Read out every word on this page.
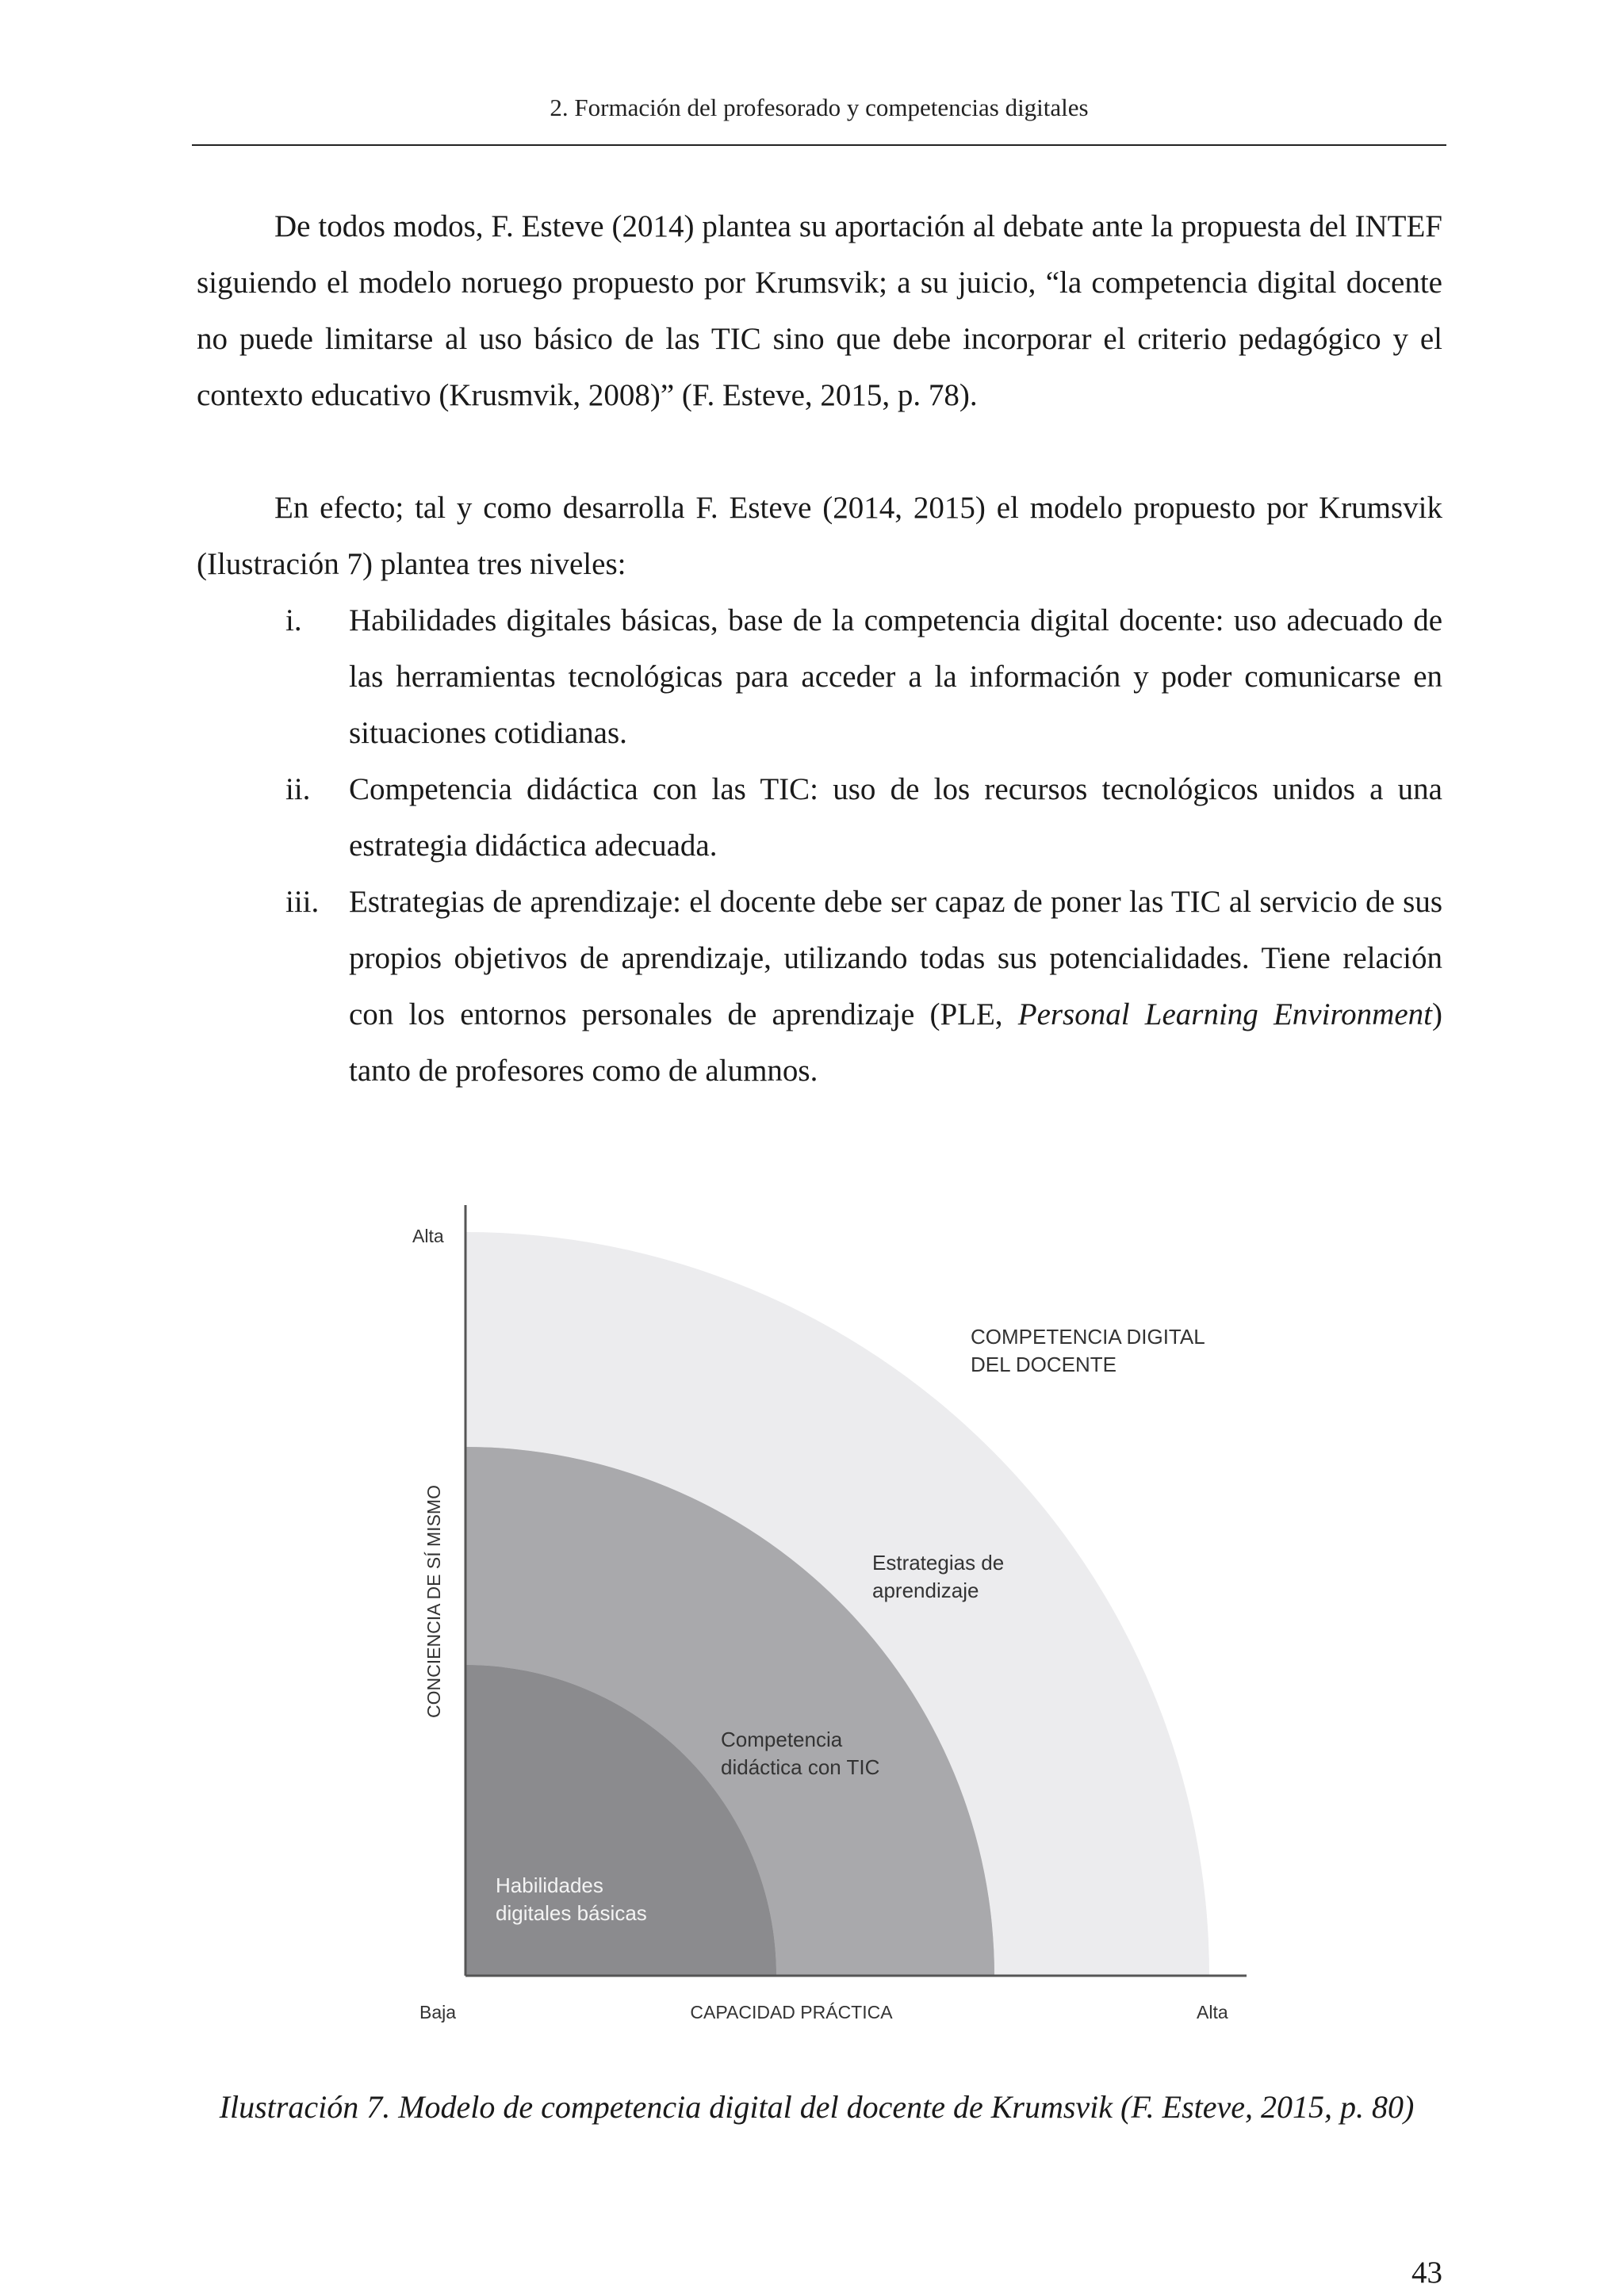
2. Formación del profesorado y competencias digitales

De todos modos, F. Esteve (2014) plantea su aportación al debate ante la propuesta del INTEF siguiendo el modelo noruego propuesto por Krumsvik; a su juicio, “la competencia digital docente no puede limitarse al uso básico de las TIC sino que debe incorporar el criterio pedagógico y el contexto educativo (Krusmvik, 2008)” (F. Esteve, 2015, p. 78).

En efecto; tal y como desarrolla F. Esteve (2014, 2015) el modelo propuesto por Krumsvik (Ilustración 7) plantea tres niveles:

i.	Habilidades digitales básicas, base de la competencia digital docente: uso adecuado de las herramientas tecnológicas para acceder a la información y poder comunicarse en situaciones cotidianas.
ii.	Competencia didáctica con las TIC: uso de los recursos tecnológicos unidos a una estrategia didáctica adecuada.
iii. Estrategias de aprendizaje: el docente debe ser capaz de poner las TIC al servicio de sus propios objetivos de aprendizaje, utilizando todas sus potencialidades. Tiene relación con los entornos personales de aprendizaje (PLE, Personal Learning Environment) tanto de profesores como de alumnos.
Alta
CONCIENCIA DE SÍ MISMO
Baja	CAPACIDAD PRÁCTICA	Alta
COMPETENCIA DIGITAL DEL DOCENTE
Estrategias de aprendizaje
Competencia didáctica con TIC
Habilidades digitales básicas
Ilustración 7. Modelo de competencia digital del docente de Krumsvik (F. Esteve, 2015, p. 80)
43
